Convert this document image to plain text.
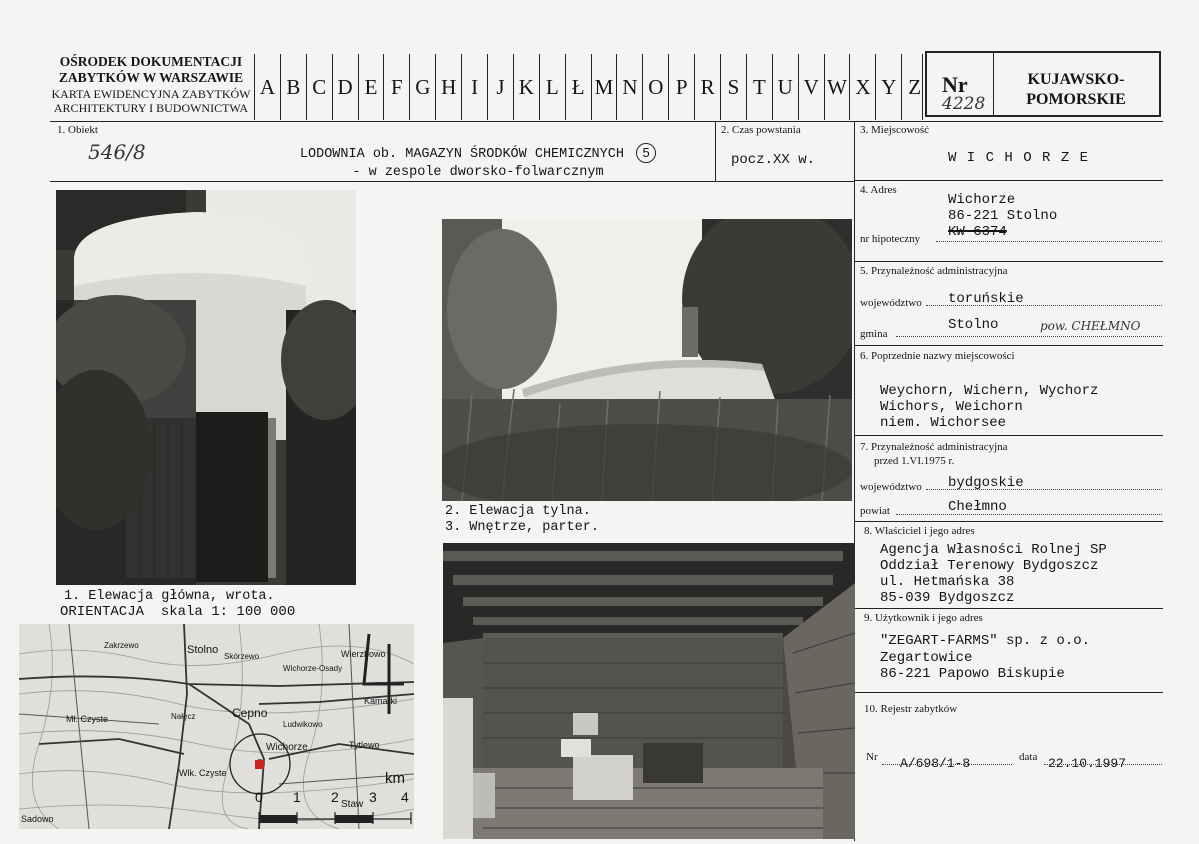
OŚRODEK DOKUMENTACJI
ZABYTKÓW W WARSZAWIE
KARTA EWIDENCYJNA ZABYTKÓW
ARCHITEKTURY I BUDOWNICTWA
A B C D E F G H I J K L Ł M N O P R S T U V W X Y Z Nr
4228
KUJAWSKO-
POMORSKIE
1. Obiekt
546/8	LODOWNIA ob. MAGAZYN ŚRODKÓW CHEMICZNYCH 5
- w zespole dworsko-folwarcznym
2. Czas powstania
pocz.XX w.
3. Miejscowość
W I C H O R Z E
4. Adres
Wichorze
86-221 Stolno
nr hipoteczny KW 6374
5. Przynależność administracyjna
województwo toruńskie
gmina
Stolno	pow. CHEŁMNO
6. Poprzednie nazwy miejscowości
Weychorn, Wichern, Wychorz
Wichors, Weichorn
niem. Wichorsee
7. Przynależność administracyjna
przed 1.VI.1975 r.
województwo bydgoskie
powiat	Chełmno
8. Właściciel i jego adres
Agencja Własności Rolnej SP
Oddział Terenowy Bydgoszcz
ul. Hetmańska 38
85-039 Bydgoszcz
9. Użytkownik i jego adres
"ZEGART-FARMS" sp. z o.o.
Zegartowice
86-221 Papowo Biskupie
10. Rejestr zabytków
Nr A/698/1-8	data 22.10.1997
1. Elewacja główna, wrota.
2. Elewacja tylna.
3. Wnętrze, parter.
ORIENTACJA  skala 1: 100 000
Stolno
Skórzewo
Wichorze-Osady
Wierzbowo
Kamarki
Cepno
Ludwikowo
Mł. Czyste	Nałęcz
Wichorze	Tytlewo
Wlk. Czyste
Staw
Sadowo
Zakrzewo
0 1 2 3 4
km
